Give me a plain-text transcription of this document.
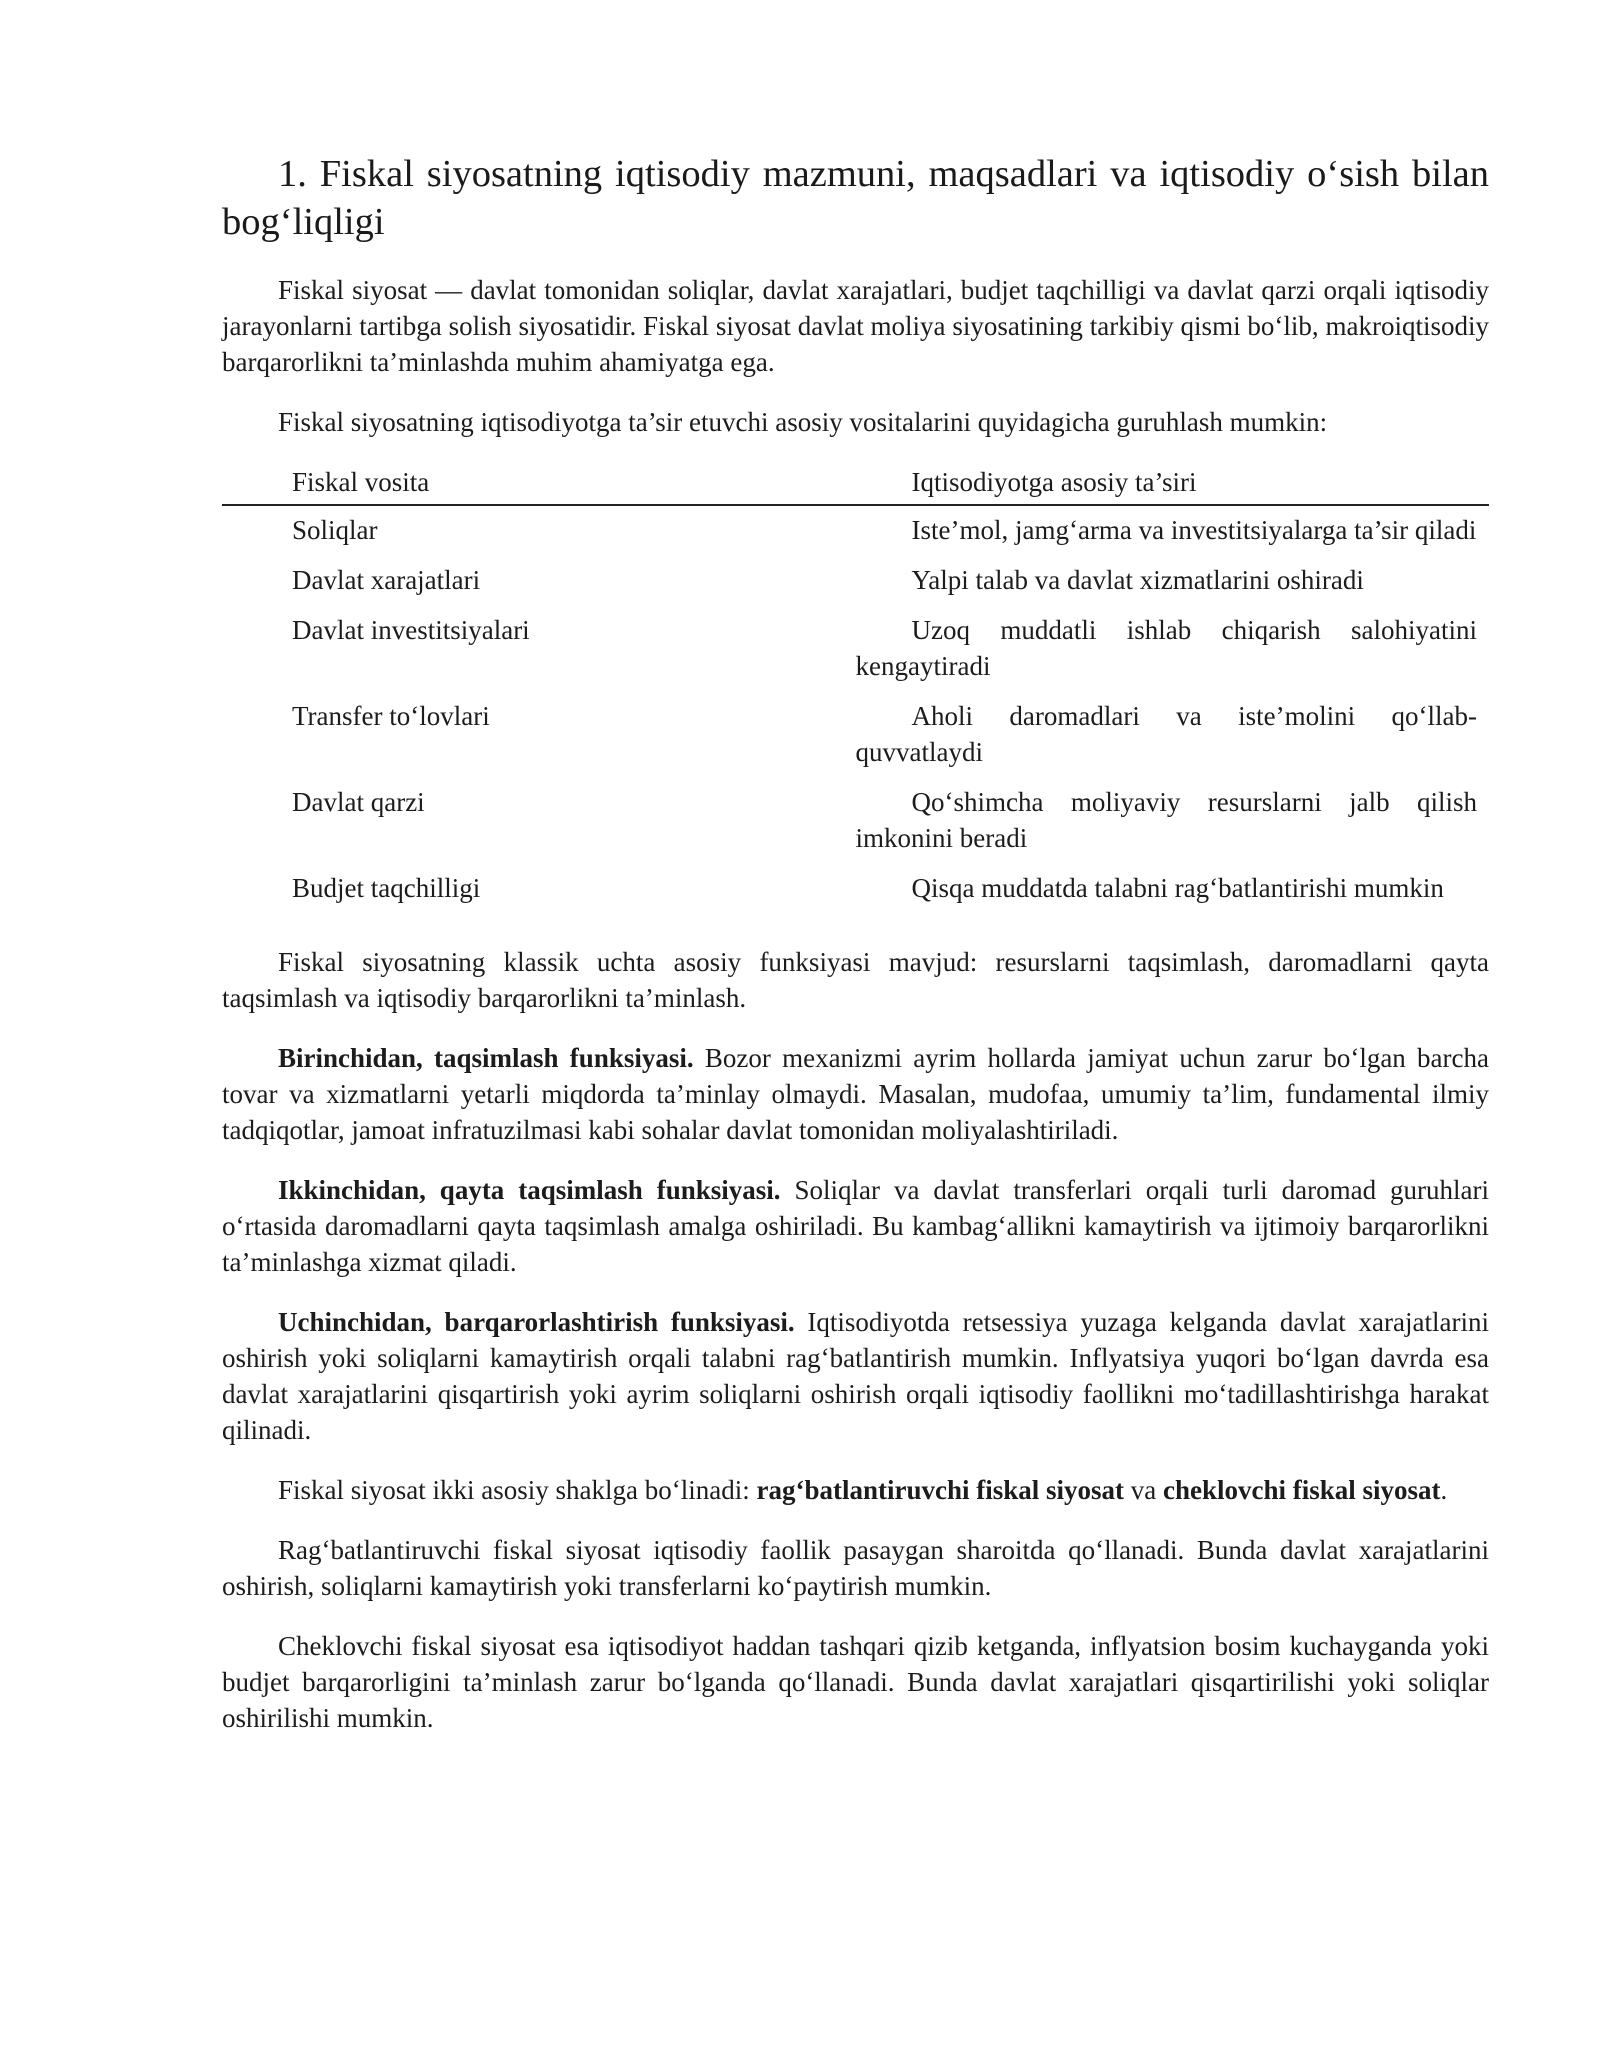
1. Fiskal siyosatning iqtisodiy mazmuni, maqsadlari va iqtisodiy o‘sish bilan bog‘liqligi

Fiskal siyosat — davlat tomonidan soliqlar, davlat xarajatlari, budjet taqchilligi va davlat qarzi orqali iqtisodiy jarayonlarni tartibga solish siyosatidir. Fiskal siyosat davlat moliya siyosatining tarkibiy qismi bo‘lib, makroiqtisodiy barqarorlikni ta’minlashda muhim ahamiyatga ega.

Fiskal siyosatning iqtisodiyotga ta’sir etuvchi asosiy vositalarini quyidagicha guruhlash mumkin:

Fiskal vosita	Iqtisodiyotga asosiy ta’siri
Soliqlar	Iste’mol, jamg‘arma va investitsiyalarga ta’sir qiladi
Davlat xarajatlari	Yalpi talab va davlat xizmatlarini oshiradi
Davlat investitsiyalari	Uzoq muddatli ishlab chiqarish salohiyatini kengaytiradi
Transfer to‘lovlari	Aholi daromadlari va iste’molini qo‘llab-quvvatlaydi
Davlat qarzi	Qo‘shimcha moliyaviy resurslarni jalb qilish imkonini beradi
Budjet taqchilligi	Qisqa muddatda talabni rag‘batlantirishi mumkin

Fiskal siyosatning klassik uchta asosiy funksiyasi mavjud: resurslarni taqsimlash, daromadlarni qayta taqsimlash va iqtisodiy barqarorlikni ta’minlash.

Birinchidan, taqsimlash funksiyasi. Bozor mexanizmi ayrim hollarda jamiyat uchun zarur bo‘lgan barcha tovar va xizmatlarni yetarli miqdorda ta’minlay olmaydi. Masalan, mudofaa, umumiy ta’lim, fundamental ilmiy tadqiqotlar, jamoat infratuzilmasi kabi sohalar davlat tomonidan moliyalashtiriladi.

Ikkinchidan, qayta taqsimlash funksiyasi. Soliqlar va davlat transferlari orqali turli daromad guruhlari o‘rtasida daromadlarni qayta taqsimlash amalga oshiriladi. Bu kambag‘allikni kamaytirish va ijtimoiy barqarorlikni ta’minlashga xizmat qiladi.

Uchinchidan, barqarorlashtirish funksiyasi. Iqtisodiyotda retsessiya yuzaga kelganda davlat xarajatlarini oshirish yoki soliqlarni kamaytirish orqali talabni rag‘batlantirish mumkin. Inflyatsiya yuqori bo‘lgan davrda esa davlat xarajatlarini qisqartirish yoki ayrim soliqlarni oshirish orqali iqtisodiy faollikni mo‘tadillashtirishga harakat qilinadi.

Fiskal siyosat ikki asosiy shaklga bo‘linadi: rag‘batlantiruvchi fiskal siyosat va cheklovchi fiskal siyosat.

Rag‘batlantiruvchi fiskal siyosat iqtisodiy faollik pasaygan sharoitda qo‘llanadi. Bunda davlat xarajatlarini oshirish, soliqlarni kamaytirish yoki transferlarni ko‘paytirish mumkin.

Cheklovchi fiskal siyosat esa iqtisodiyot haddan tashqari qizib ketganda, inflyatsion bosim kuchayganda yoki budjet barqarorligini ta’minlash zarur bo‘lganda qo‘llanadi. Bunda davlat xarajatlari qisqartirilishi yoki soliqlar oshirilishi mumkin.
